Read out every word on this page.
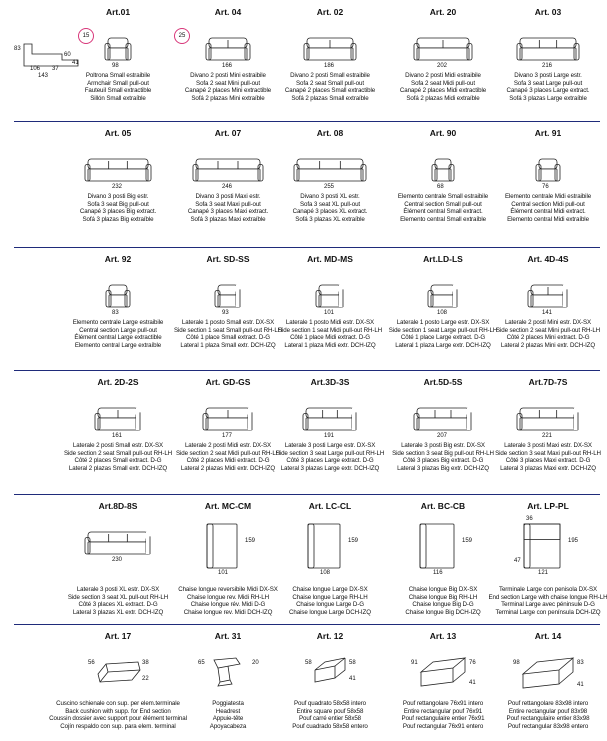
Art.01
98
15
Poltrona Small estraibile
Armchair Small pull-out
Fauteuil Small extractible
Sillón Small extraíble
Art. 04
166
25
Divano 2 posti Mini estraibile
Sofa 2 seat Mini pull-out
Canapé 2 places Mini extractible
Sofá 2 plazas Mini extraíble
Art. 02
186
Divano 2 posti Small estraibile
Sofa 2 seat Small pull-out
Canapé 2 places Small extractible
Sofá 2 plazas Small extraíble
Art. 20
202
Divano 2 posti Midi estraibile
Sofa 2 seat Midi pull-out
Canapé 2 places Midi extractible
Sofá 2 plazas Midi extraíble
Art. 03
216
Divano 3 posti Large estr.
Sofa 3 seat Large pull-out
Canapé 3 places Large extract.
Sofá 3 plazas Large extraíble
Art. 05
232
Divano 3 posti Big estr.
Sofa 3 seat Big pull-out
Canapé 3 places Big extract.
Sofá 3 plazas Big extraíble
Art. 07
246
Divano 3 posti Maxi estr.
Sofa 3 seat Maxi pull-out
Canapé 3 places Maxi extract.
Sofá 3 plazas Maxi extraíble
Art. 08
255
Divano 3 posti XL estr.
Sofa 3 seat XL pull-out
Canapé 3 places XL extract.
Sofá 3 plazas XL extraíble
Art. 90
68
Elemento centrale Small estraibile
Central section Small pull-out
Élément central Small extract.
Elemento central Small extraíble
Art. 91
76
Elemento centrale Midi estraibile
Central section Midi pull-out
Élément central Midi extract.
Elemento central Midi extraíble
Art. 92
83
Elemento centrale Large estraibile
Central section Large pull-out
Élément central Large extractible
Elemento central Large extraíble
Art. SD-SS
93
Laterale 1 posto Small estr. DX-SX
Side section 1 seat Small pull-out RH-LH
Côté 1 place Small extract. D-G
Lateral 1 plaza Small extr. DCH-IZQ
Art. MD-MS
101
Laterale 1 posto Midi estr. DX-SX
Side section 1 seat Midi pull-out RH-LH
Côté 1 place Midi extract. D-G
Lateral 1 plaza Midi extr. DCH-IZQ
Art.LD-LS
108
Laterale 1 posto Large estr. DX-SX
Side section 1 seat Large pull-out RH-LH
Côté 1 place Large extract. D-G
Lateral 1 plaza Large extr. DCH-IZQ
Art. 4D-4S
141
Laterale 2 posti Mini estr. DX-SX
Side section 2 seat Mini pull-out RH-LH
Côté 2 places Mini extract. D-G
Lateral 2 plazas Mini extr. DCH-IZQ
Art. 2D-2S
161
Laterale 2 posti Small estr. DX-SX
Side section 2 seat Small pull-out RH-LH
Côté 2 places Small extract. D-G
Lateral 2 plazas Small extr. DCH-IZQ
Art. GD-GS
177
Laterale 2 posti Midi estr. DX-SX
Side section 2 seat Midi pull-out RH-LH
Côté 2 places Midi extract. D-G
Lateral 2 plazas Midi extr. DCH-IZQ
Art.3D-3S
191
Laterale 3 posti Large estr. DX-SX
Side section 3 seat Large pull-out RH-LH
Côté 3 places Large extract. D-G
Lateral 3 plazas Large extr. DCH-IZQ
Art.5D-5S
207
Laterale 3 posti Big estr. DX-SX
Side section 3 seat Big pull-out RH-LH
Côté 3 places Big extract. D-G
Lateral 3 plazas Big extr. DCH-IZQ
Art.7D-7S
221
Laterale 3 posti Maxi estr. DX-SX
Side section 3 seat Maxi pull-out RH-LH
Côté 3 places Maxi extract. D-G
Lateral 3 plazas Maxi extr. DCH-IZQ
Art.8D-8S
230
Laterale 3 posti XL estr. DX-SX
Side section 3 seat XL pull-out RH-LH
Côté 3 places XL extract. D-G
Lateral 3 plazas XL extr. DCH-IZQ
Art. MC-CM
101
159
Chaise longue reversibile Midi DX-SX
Chaise longue rev. Midi RH-LH
Chaise longue rév. Midi D-G
Chaise longue rev. Midi DCH-IZQ
Art. LC-CL
108
159
Chaise longue Large DX-SX
Chaise longue Large RH-LH
Chaise longue Large D-G
Chaise longue Large DCH-IZQ
Art. BC-CB
116
159
Chaise longue Big DX-SX
Chaise longue Big RH-LH
Chaise longue Big D-G
Chaise longue Big DCH-IZQ
Art. LP-PL
121
195
36
47
Terminale Large con penisola DX-SX
End section Large with chaise longue RH-LH
Terminal Large avec péninsule D-G
Terminal Large con península DCH-IZQ
Art. 17
56	38
22
Cuscino schienale con sup. per elem.terminale
Back cushion with supp. for End section
Coussin dossier avec support pour élément terminal
Cojín respaldo con sup. para elem. terminal
Art. 31
65	20
Poggiatesta
Headrest
Appuie-tête
Apoyacabeza
Art. 12
58	58
41
Pouf quadrato 58x58 intero
Entire square pouf 58x58
Pouf carré entier 58x58
Pouf cuadrado 58x58 entero
Art. 13
91	76
41
Pouf rettangolare 76x91 intero
Entire rectangular pouf 76x91
Pouf rectangulaire entier 76x91
Pouf rectangular 76x91 entero
Art. 14
98	83
41
Pouf rettangolare 83x98 intero
Entire rectangular pouf 83x98
Pouf rectangulaire entier 83x98
Pouf rectangular 83x98 entero
83
106 37
143
60
41
